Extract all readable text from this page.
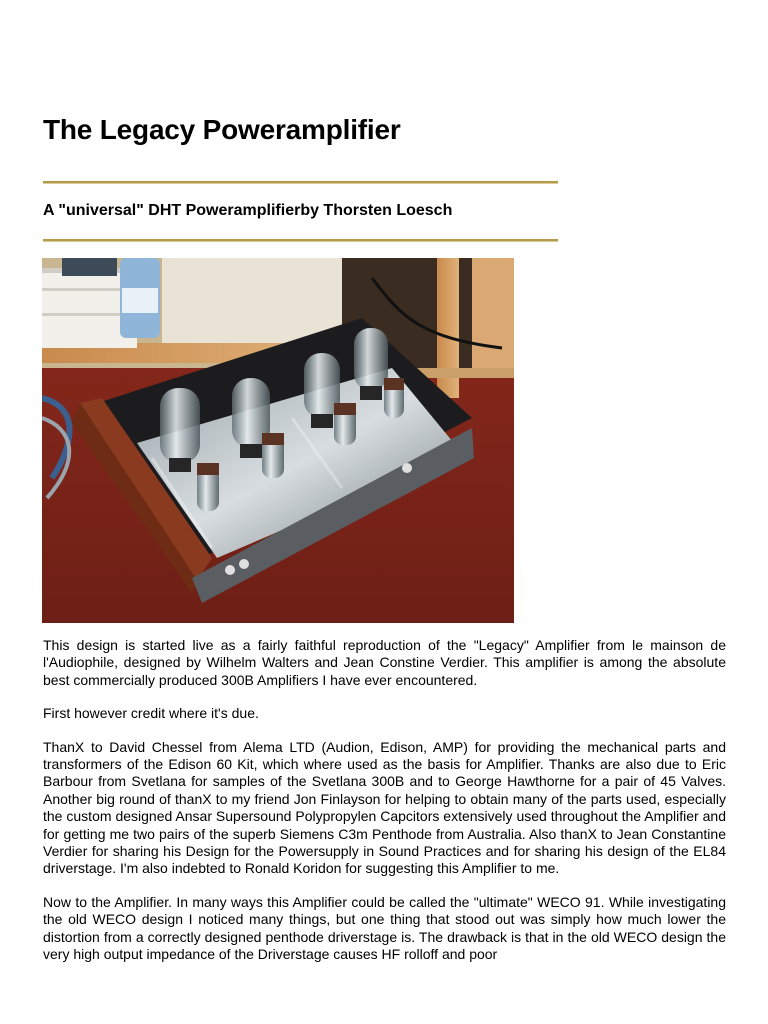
The Legacy Poweramplifier
A "universal" DHT Poweramplifierby Thorsten Loesch

This design is started live as a fairly faithful reproduction of the "Legacy" Amplifier from le mainson de l'Audiophile, designed by Wilhelm Walters and Jean Constine Verdier. This amplifier is among the absolute best commercially produced 300B Amplifiers I have ever encountered.

First however credit where it's due.

ThanX to David Chessel from Alema LTD (Audion, Edison, AMP) for providing the mechanical parts and transformers of the Edison 60 Kit, which where used as the basis for Amplifier. Thanks are also due to Eric Barbour from Svetlana for samples of the Svetlana 300B and to George Hawthorne for a pair of 45 Valves. Another big round of thanX to my friend Jon Finlayson for helping to obtain many of the parts used, especially the custom designed Ansar Supersound Polypropylen Capcitors extensively used throughout the Amplifier and for getting me two pairs of the superb Siemens C3m Penthode from Australia. Also thanX to Jean Constantine Verdier for sharing his Design for the Powersupply in Sound Practices and for sharing his design of the EL84 driverstage. I'm also indebted to Ronald Koridon for suggesting this Amplifier to me.

Now to the Amplifier. In many ways this Amplifier could be called the "ultimate" WECO 91. While investigating the old WECO design I noticed many things, but one thing that stood out was simply how much lower the distortion from a correctly designed penthode driverstage is. The drawback is that in the old WECO design the very high output impedance of the Driverstage causes HF rolloff and poor
